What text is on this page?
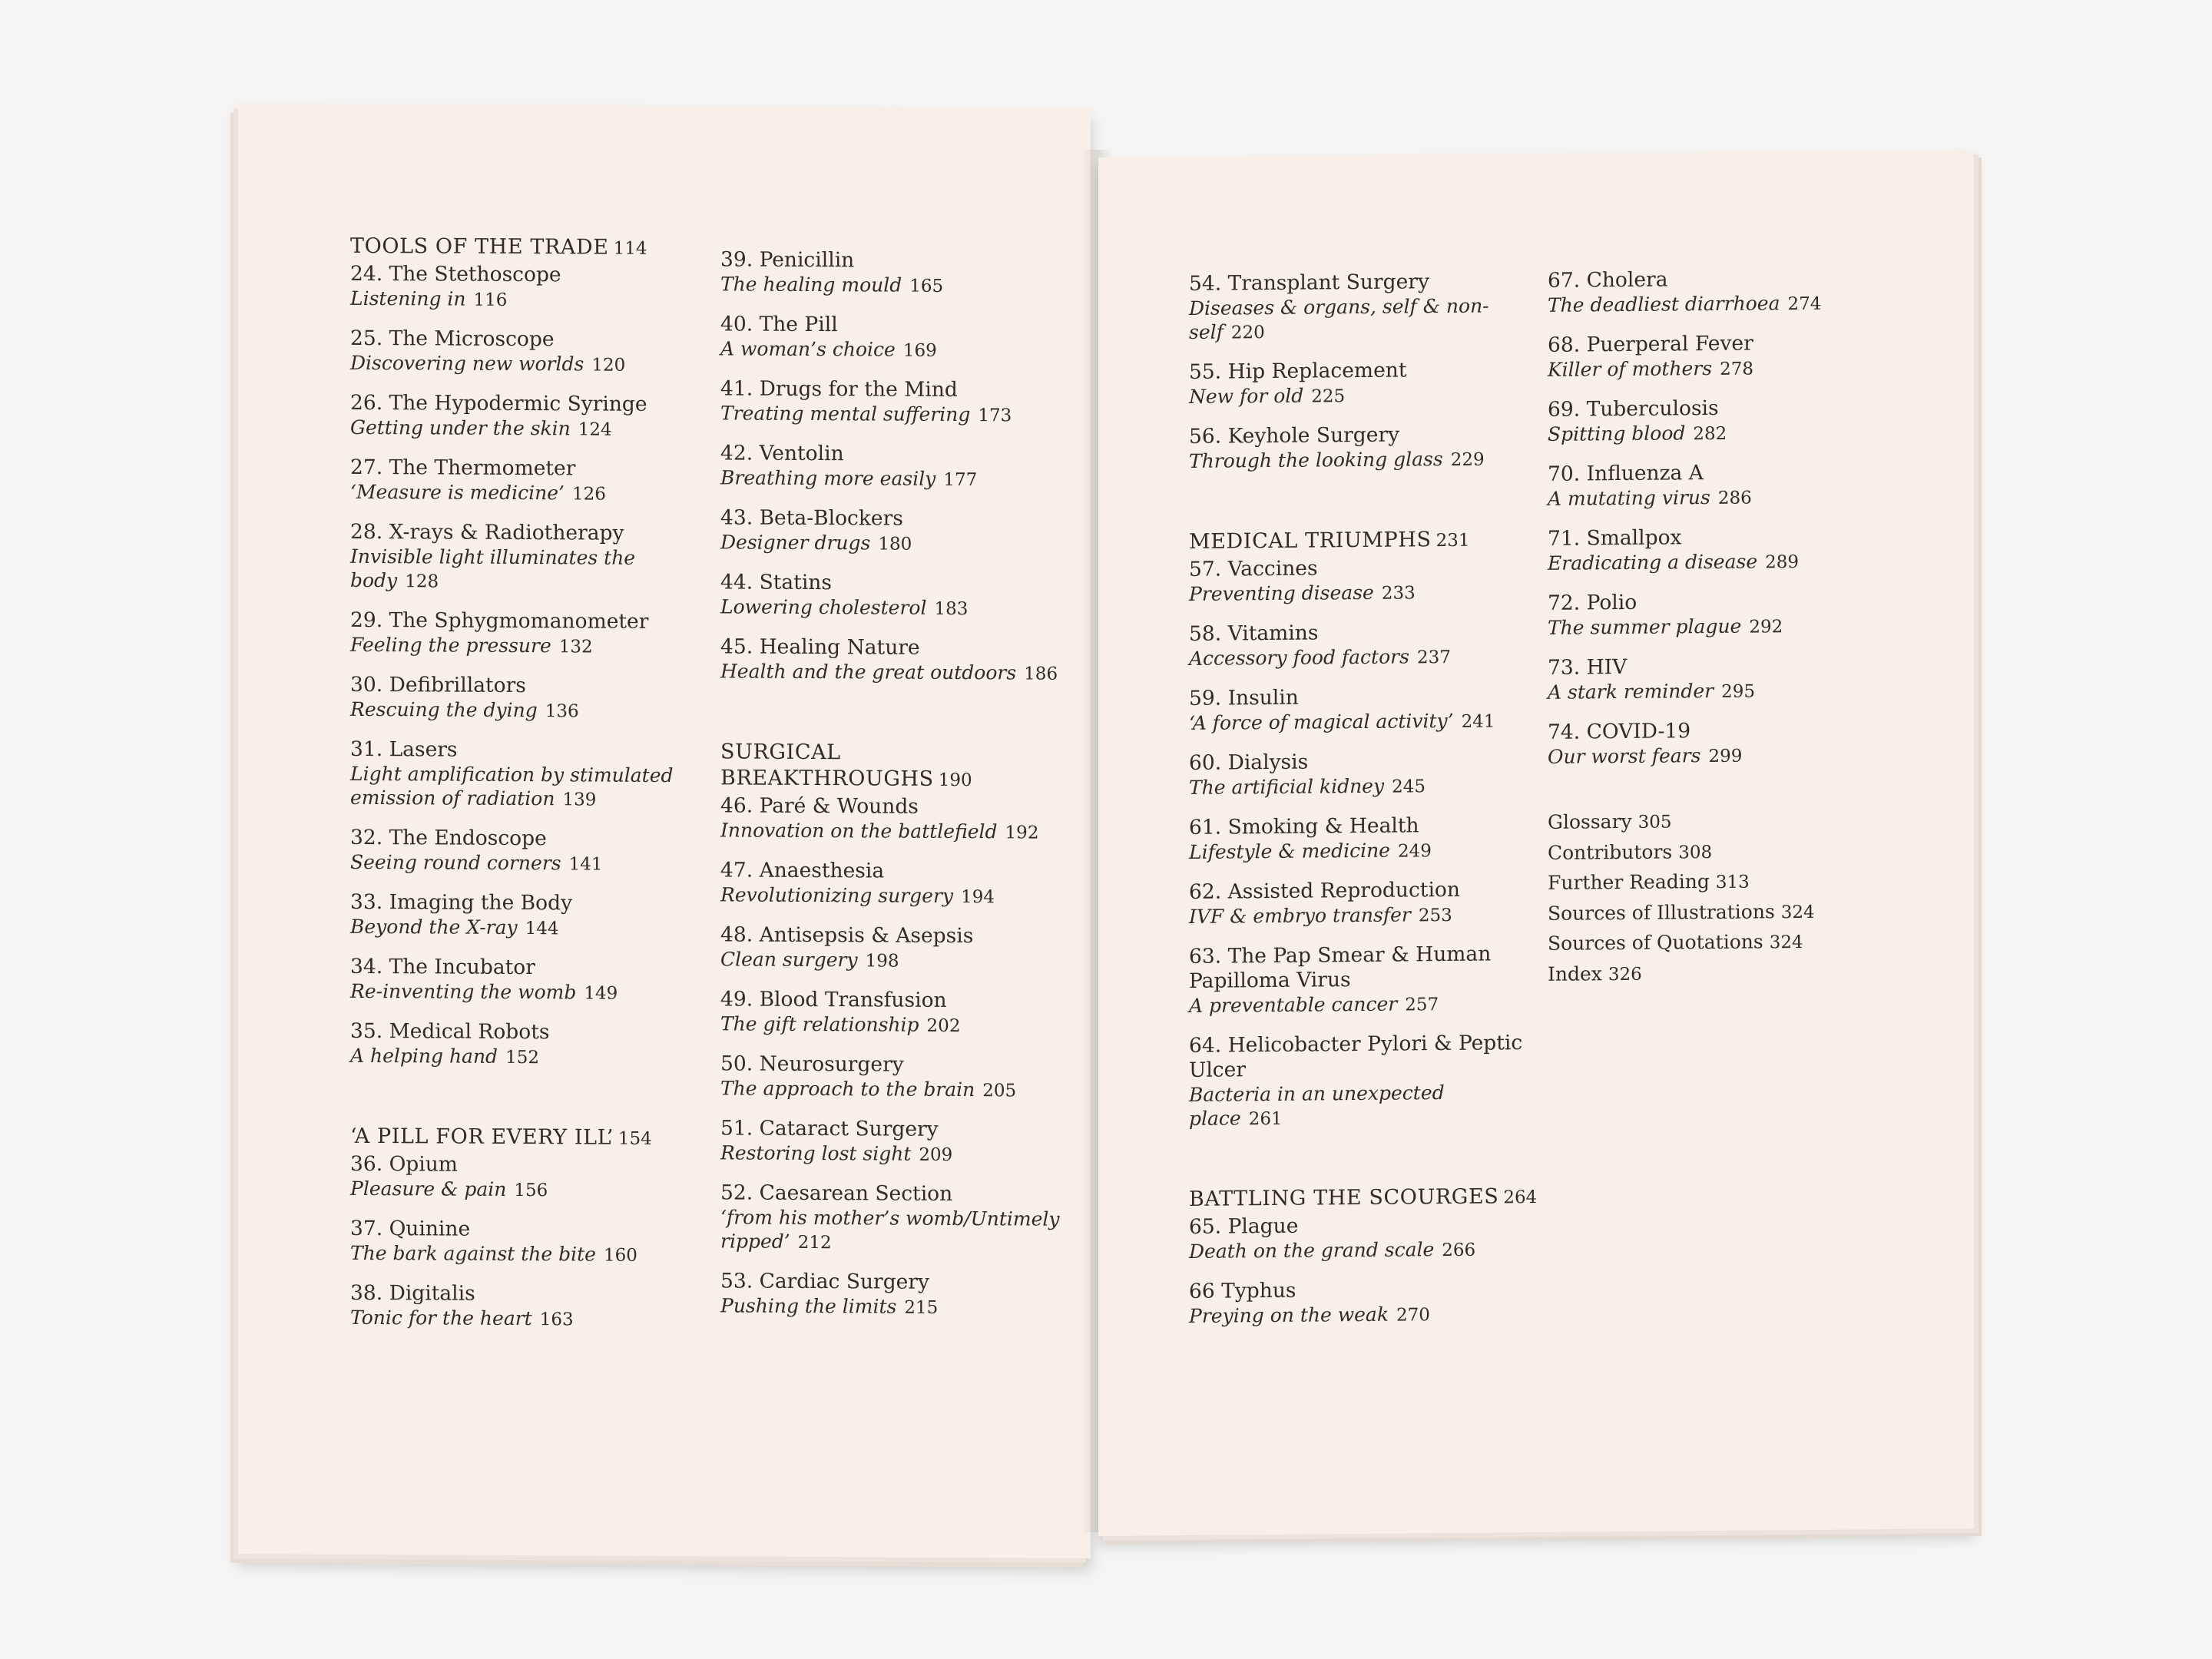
TOOLS OF THE TRADE 114
24. The Stethoscope
Listening in 116
25. The Microscope
Discovering new worlds 120
26. The Hypodermic Syringe
Getting under the skin 124
27. The Thermometer
‘Measure is medicine’ 126
28. X-rays & Radiotherapy
Invisible light illuminates the body 128
29. The Sphygmomanometer
Feeling the pressure 132
30. Defibrillators
Rescuing the dying 136
31. Lasers
Light amplification by stimulated emission of radiation 139
32. The Endoscope
Seeing round corners 141
33. Imaging the Body
Beyond the X-ray 144
34. The Incubator
Re-inventing the womb 149
35. Medical Robots
A helping hand 152
‘A PILL FOR EVERY ILL’ 154
36. Opium
Pleasure & pain 156
37. Quinine
The bark against the bite 160
38. Digitalis
Tonic for the heart 163
39. Penicillin
The healing mould 165
40. The Pill
A woman’s choice 169
41. Drugs for the Mind
Treating mental suffering 173
42. Ventolin
Breathing more easily 177
43. Beta-Blockers
Designer drugs 180
44. Statins
Lowering cholesterol 183
45. Healing Nature
Health and the great outdoors 186
SURGICAL BREAKTHROUGHS 190
46. Paré & Wounds
Innovation on the battlefield 192
47. Anaesthesia
Revolutionizing surgery 194
48. Antisepsis & Asepsis
Clean surgery 198
49. Blood Transfusion
The gift relationship 202
50. Neurosurgery
The approach to the brain 205
51. Cataract Surgery
Restoring lost sight 209
52. Caesarean Section
‘from his mother’s womb/Untimely ripped’ 212
53. Cardiac Surgery
Pushing the limits 215
54. Transplant Surgery
Diseases & organs, self & non-self 220
55. Hip Replacement
New for old 225
56. Keyhole Surgery
Through the looking glass 229
MEDICAL TRIUMPHS 231
57. Vaccines
Preventing disease 233
58. Vitamins
Accessory food factors 237
59. Insulin
‘A force of magical activity’ 241
60. Dialysis
The artificial kidney 245
61. Smoking & Health
Lifestyle & medicine 249
62. Assisted Reproduction
IVF & embryo transfer 253
63. The Pap Smear & Human Papilloma Virus
A preventable cancer 257
64. Helicobacter Pylori & Peptic Ulcer
Bacteria in an unexpected place 261
BATTLING THE SCOURGES 264
65. Plague
Death on the grand scale 266
66 Typhus
Preying on the weak 270
67. Cholera
The deadliest diarrhoea 274
68. Puerperal Fever
Killer of mothers 278
69. Tuberculosis
Spitting blood 282
70. Influenza A
A mutating virus 286
71. Smallpox
Eradicating a disease 289
72. Polio
The summer plague 292
73. HIV
A stark reminder 295
74. COVID-19
Our worst fears 299
Glossary 305
Contributors 308
Further Reading 313
Sources of Illustrations 324
Sources of Quotations 324
Index 326
